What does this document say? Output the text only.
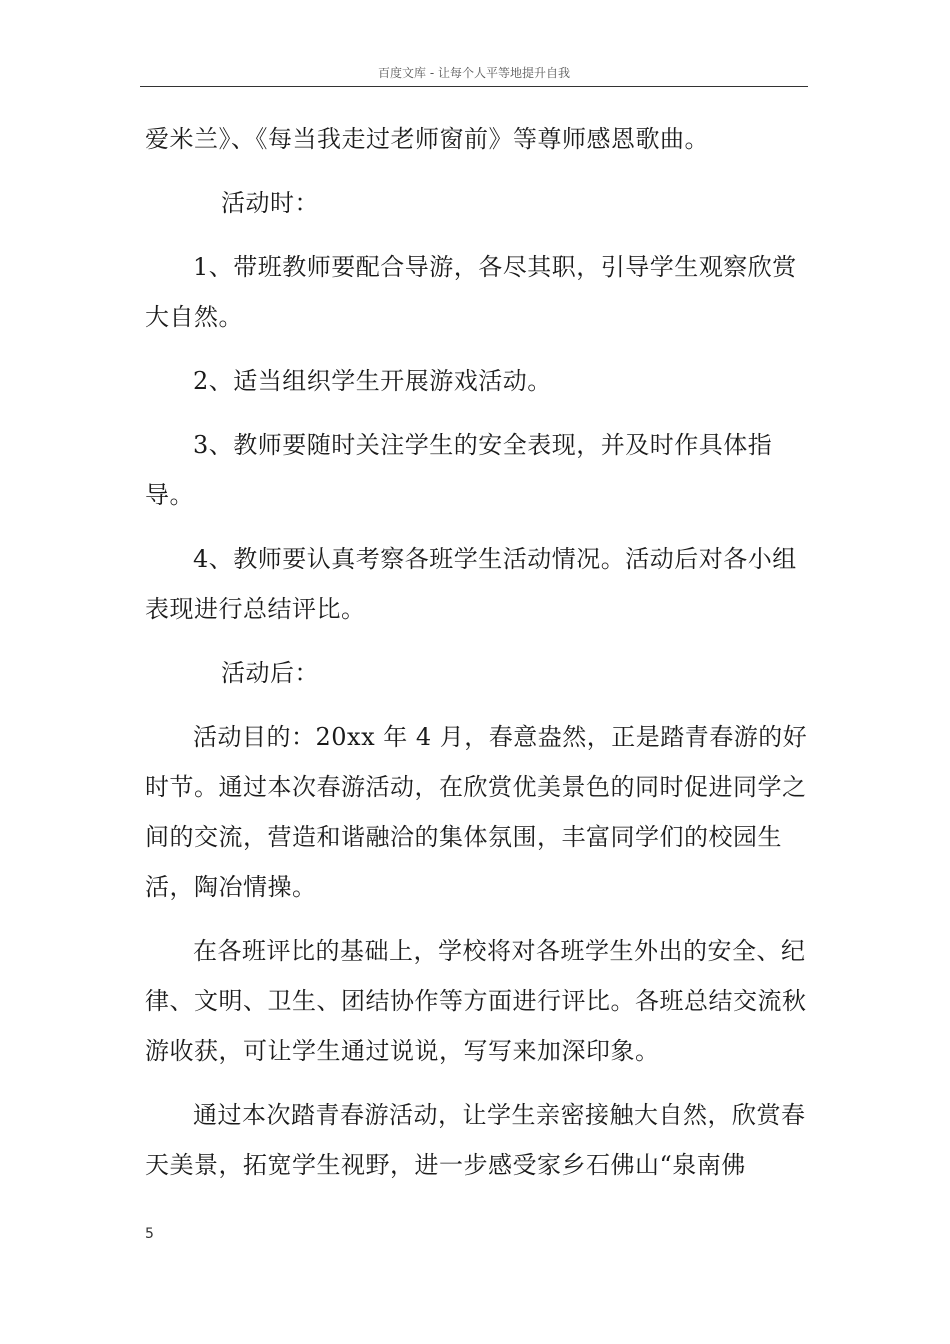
百度文库 - 让每个人平等地提升自我

爱米兰》、《每当我走过老师窗前》等尊师感恩歌曲。

活动时：

1、带班教师要配合导游，各尽其职，引导学生观察欣赏大自然。

2、适当组织学生开展游戏活动。

3、教师要随时关注学生的安全表现，并及时作具体指导。

4、教师要认真考察各班学生活动情况。活动后对各小组表现进行总结评比。

活动后：

活动目的：20xx 年 4 月，春意盎然，正是踏青春游的好时节。通过本次春游活动，在欣赏优美景色的同时促进同学之间的交流，营造和谐融洽的集体氛围，丰富同学们的校园生活，陶冶情操。

在各班评比的基础上，学校将对各班学生外出的安全、纪律、文明、卫生、团结协作等方面进行评比。各班总结交流秋游收获，可让学生通过说说，写写来加深印象。

通过本次踏青春游活动，让学生亲密接触大自然，欣赏春天美景，拓宽学生视野，进一步感受家乡石佛山“泉南佛

5
